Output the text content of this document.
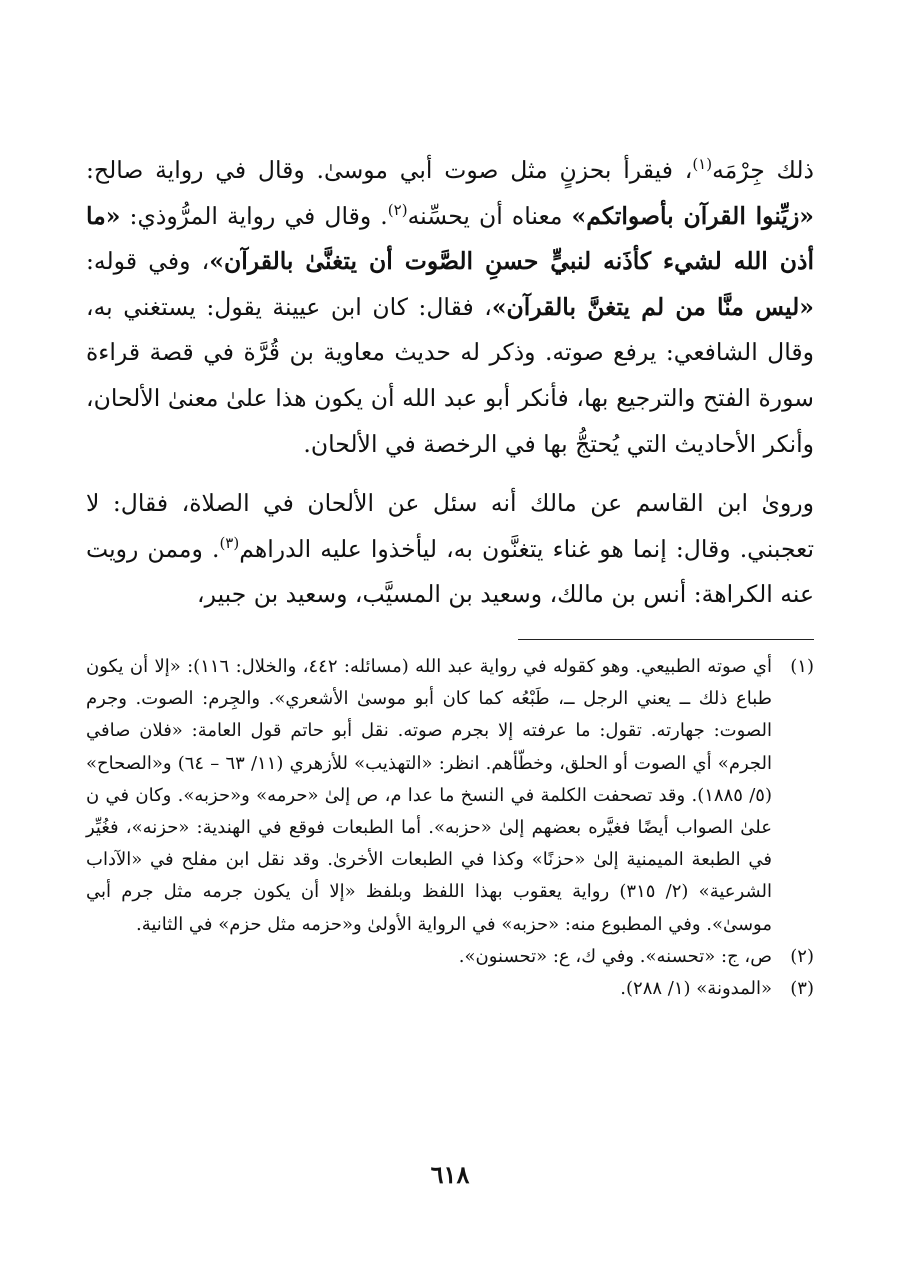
ذلك جِرْمَه$^{(١)}$، فيقرأ بحزنٍ مثل صوت أبي موسىٰ. وقال في رواية صالح: «زيِّنوا القرآن بأصواتكم» معناه أن يحسِّنه$^{(٢)}$. وقال في رواية المرُّوذي: «ما أذن الله لشيء كأذَنه لنبيٍّ حسنِ الصَّوت أن يتغنَّىٰ بالقرآن»، وفي قوله: «ليس منَّا من لم يتغنَّ بالقرآن»، فقال: كان ابن عيينة يقول: يستغني به، وقال الشافعي: يرفع صوته. وذكر له حديث معاوية بن قُرَّة في قصة قراءة سورة الفتح والترجيع بها، فأنكر أبو عبد الله أن يكون هذا علىٰ معنىٰ الألحان، وأنكر الأحاديث التي يُحتجُّ بها في الرخصة في الألحان.

وروىٰ ابن القاسم عن مالك أنه سئل عن الألحان في الصلاة، فقال: لا تعجبني. وقال: إنما هو غناء يتغنَّون به، ليأخذوا عليه الدراهم$^{(٣)}$. وممن رويت عنه الكراهة: أنس بن مالك، وسعيد بن المسيَّب، وسعيد بن جبير،

(١)
أي صوته الطبيعي. وهو كقوله في رواية عبد الله (مسائله: ٤٤٢، والخلال: ١١٦): «إلا أن يكون طباع ذلك ــ يعني الرجل ــ، طَبْعُه كما كان أبو موسىٰ الأشعري». والجِرم: الصوت. وجرم الصوت: جهارته. تقول: ما عرفته إلا بجرم صوته. نقل أبو حاتم قول العامة: «فلان صافي الجرم» أي الصوت أو الحلق، وخطّأهم. انظر: «التهذيب» للأزهري (١١/ ٦٣ – ٦٤) و«الصحاح» (٥/ ١٨٨٥). وقد تصحفت الكلمة في النسخ ما عدا م، ص إلىٰ «حرمه» و«حزبه». وكان في ن علىٰ الصواب أيضًا فغيَّره بعضهم إلىٰ «حزبه». أما الطبعات فوقع في الهندية: «حزنه»، فغُيِّر في الطبعة الميمنية إلىٰ «حزنًا» وكذا في الطبعات الأخرىٰ. وقد نقل ابن مفلح في «الآداب الشرعية» (٢/ ٣١٥) رواية يعقوب بهذا اللفظ وبلفظ «إلا أن يكون جرمه مثل جرم أبي موسىٰ». وفي المطبوع منه: «حزبه» في الرواية الأولىٰ و«حزمه مثل حزم» في الثانية.
(٢)
ص، ج: «تحسنه». وفي ك، ع: «تحسنون».
(٣)
«المدونة» (١/ ٢٨٨).
٦١٨
